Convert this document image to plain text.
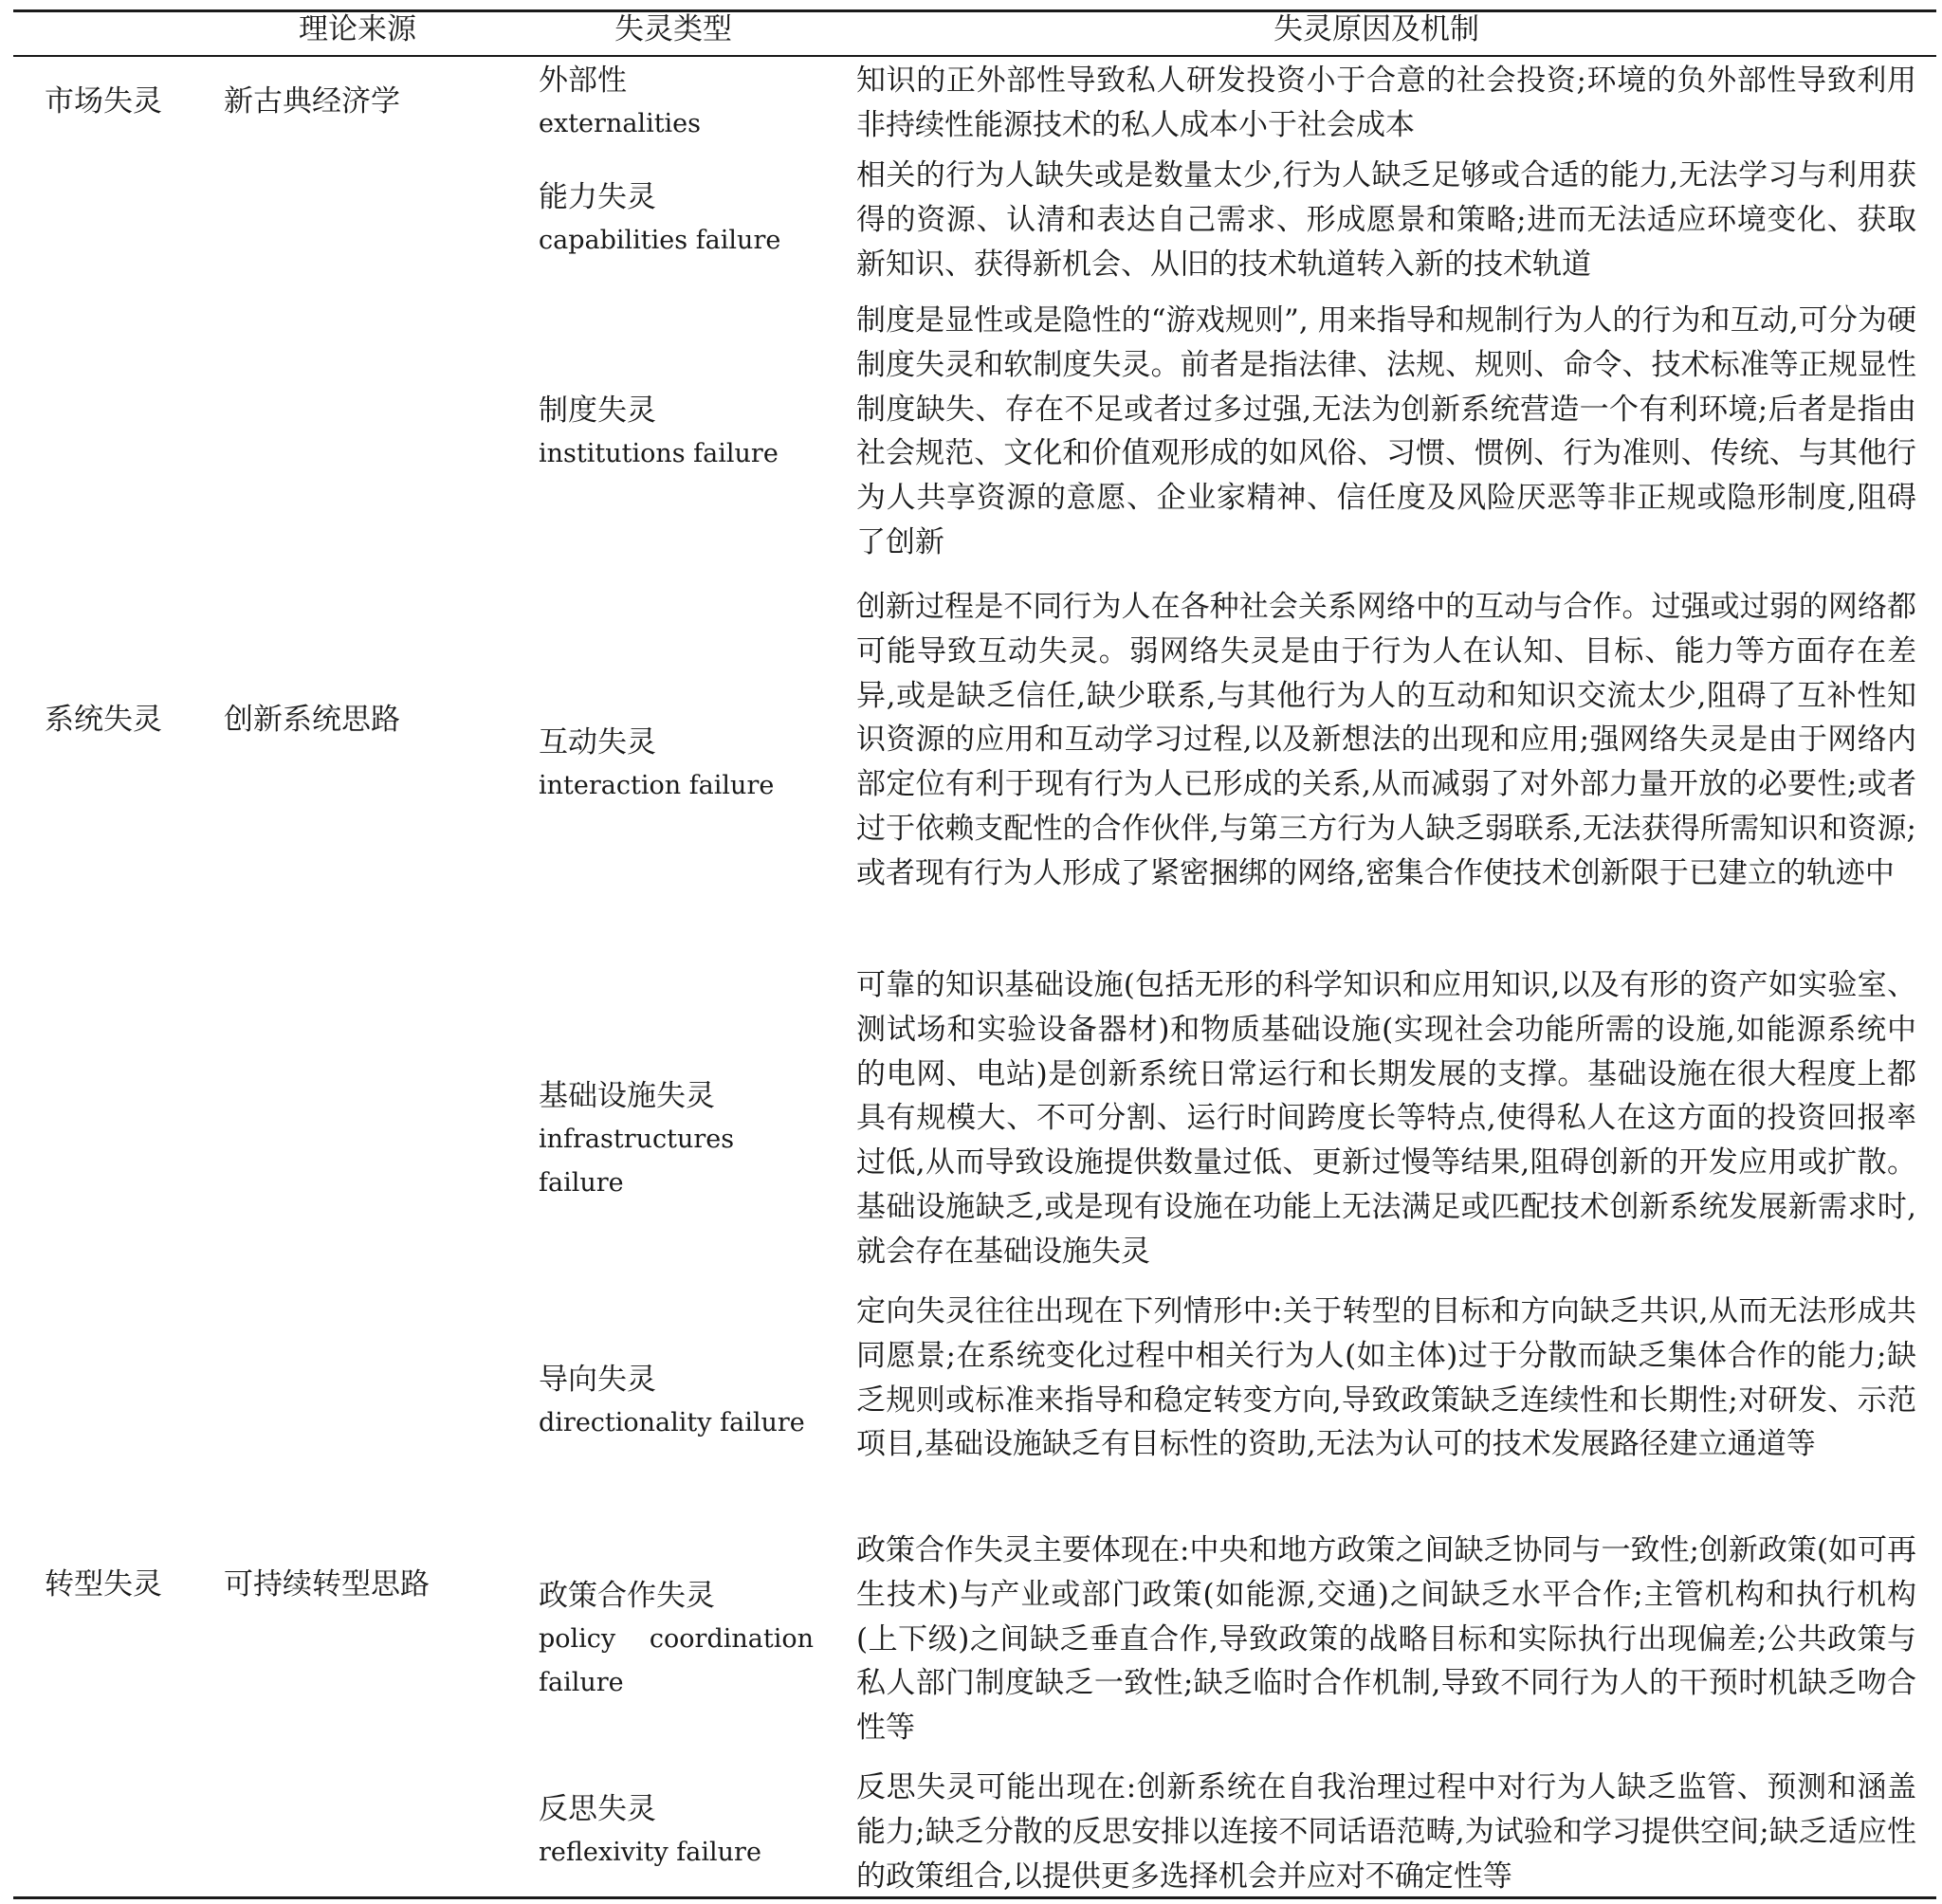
理论来源	失灵类型	失灵原因及机制
市场失灵 新古典经济学
系统失灵 创新系统思路
转型失灵 可持续转型思路
外部性
externalities
知识的正外部性导致私人研发投资小于合意的社会投资;环境的负外部性导致利用非持续性能源技术的私人成本小于社会成本
能力失灵
capabilities failure
相关的行为人缺失或是数量太少,行为人缺乏足够或合适的能力,无法学习与利用获得的资源、认清和表达自己需求、形成愿景和策略;进而无法适应环境变化、获取新知识、获得新机会、从旧的技术轨道转入新的技术轨道
制度失灵
institutions failure
制度是显性或是隐性的“游戏规则”, 用来指导和规制行为人的行为和互动,可分为硬制度失灵和软制度失灵。前者是指法律、法规、规则、命令、技术标准等正规显性制度缺失、存在不足或者过多过强,无法为创新系统营造一个有利环境;后者是指由社会规范、文化和价值观形成的如风俗、习惯、惯例、行为准则、传统、与其他行为人共享资源的意愿、企业家精神、信任度及风险厌恶等非正规或隐形制度,阻碍了创新
互动失灵
interaction failure
创新过程是不同行为人在各种社会关系网络中的互动与合作。过强或过弱的网络都可能导致互动失灵。弱网络失灵是由于行为人在认知、目标、能力等方面存在差异,或是缺乏信任,缺少联系,与其他行为人的互动和知识交流太少,阻碍了互补性知识资源的应用和互动学习过程,以及新想法的出现和应用;强网络失灵是由于网络内部定位有利于现有行为人已形成的关系,从而减弱了对外部力量开放的必要性;或者过于依赖支配性的合作伙伴,与第三方行为人缺乏弱联系,无法获得所需知识和资源;或者现有行为人形成了紧密捆绑的网络,密集合作使技术创新限于已建立的轨迹中
基础设施失灵
infrastructures failure
可靠的知识基础设施(包括无形的科学知识和应用知识,以及有形的资产如实验室、测试场和实验设备器材)和物质基础设施(实现社会功能所需的设施,如能源系统中的电网、电站)是创新系统日常运行和长期发展的支撑。基础设施在很大程度上都具有规模大、不可分割、运行时间跨度长等特点,使得私人在这方面的投资回报率过低,从而导致设施提供数量过低、更新过慢等结果,阻碍创新的开发应用或扩散。基础设施缺乏,或是现有设施在功能上无法满足或匹配技术创新系统发展新需求时,就会存在基础设施失灵
导向失灵
directionality failure
定向失灵往往出现在下列情形中:关于转型的目标和方向缺乏共识,从而无法形成共同愿景;在系统变化过程中相关行为人(如主体)过于分散而缺乏集体合作的能力;缺乏规则或标准来指导和稳定转变方向,导致政策缺乏连续性和长期性;对研发、示范项目,基础设施缺乏有目标性的资助,无法为认可的技术发展路径建立通道等
政策合作失灵
policy coordination failure
政策合作失灵主要体现在:中央和地方政策之间缺乏协同与一致性;创新政策(如可再生技术)与产业或部门政策(如能源,交通)之间缺乏水平合作;主管机构和执行机构(上下级)之间缺乏垂直合作,导致政策的战略目标和实际执行出现偏差;公共政策与私人部门制度缺乏一致性;缺乏临时合作机制,导致不同行为人的干预时机缺乏吻合性等
反思失灵
reflexivity failure
反思失灵可能出现在:创新系统在自我治理过程中对行为人缺乏监管、预测和涵盖能力;缺乏分散的反思安排以连接不同话语范畴,为试验和学习提供空间;缺乏适应性的政策组合,以提供更多选择机会并应对不确定性等
